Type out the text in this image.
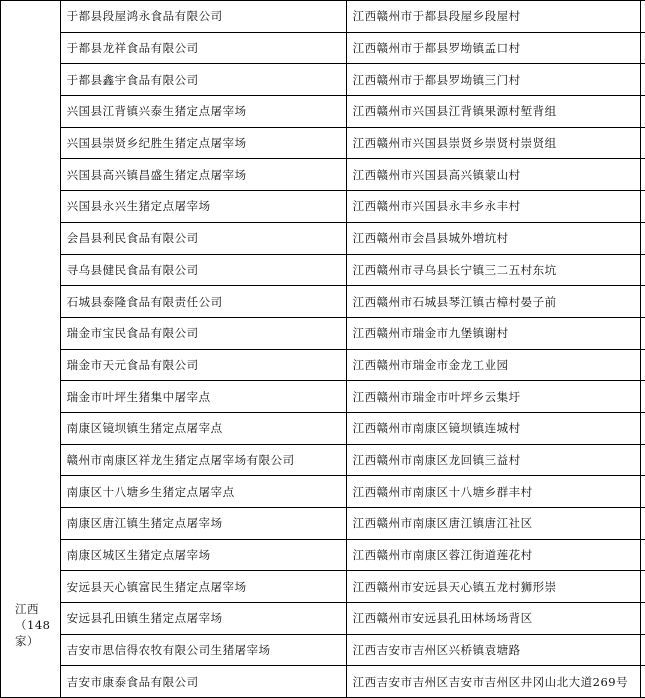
江西
（148家）	于都县段屋鸿永食品有限公司	江西赣州市于都县段屋乡段屋村	
	于都县龙祥食品有限公司	江西赣州市于都县罗坳镇孟口村	
	于都县鑫宇食品有限公司	江西赣州市于都县罗坳镇三门村	
	兴国县江背镇兴泰生猪定点屠宰场	江西赣州市兴国县江背镇果源村堑背组	
	兴国县崇贤乡纪胜生猪定点屠宰场	江西赣州市兴国县崇贤乡崇贤村崇贤组	
	兴国县高兴镇昌盛生猪定点屠宰场	江西赣州市兴国县高兴镇蒙山村	
	兴国县永兴生猪定点屠宰场	江西赣州市兴国县永丰乡永丰村	
	会昌县利民食品有限公司	江西赣州市会昌县城外増坑村	
	寻乌县健民食品有限公司	江西赣州市寻乌县长宁镇三二五村东坑	
	石城县泰隆食品有限责任公司	江西赣州市石城县琴江镇古樟村晏子前	
	瑞金市宝民食品有限公司	江西赣州市瑞金市九堡镇谢村	
	瑞金市天元食品有限公司	江西赣州市瑞金市金龙工业园	
	瑞金市叶坪生猪集中屠宰点	江西赣州市瑞金市叶坪乡云集圩	
	南康区镜坝镇生猪定点屠宰点	江西赣州市南康区镜坝镇连城村	
	赣州市南康区祥龙生猪定点屠宰场有限公司	江西赣州市南康区龙回镇三益村	
	南康区十八塘乡生猪定点屠宰点	江西赣州市南康区十八塘乡群丰村	
	南康区唐江镇生猪定点屠宰场	江西赣州市南康区唐江镇唐江社区	
	南康区城区生猪定点屠宰场	江西赣州市南康区蓉江街道莲花村	
	安远县天心镇富民生猪定点屠宰场	江西赣州市安远县天心镇五龙村狮形崇	
	安远县孔田镇生猪定点屠宰场	江西赣州市安远县孔田林场场背区	
	吉安市思信得农牧有限公司生猪屠宰场	江西吉安市吉州区兴桥镇袁塘路	
	吉安市康泰食品有限公司	江西吉安市吉州区吉安市吉州区井冈山北大道269号	
